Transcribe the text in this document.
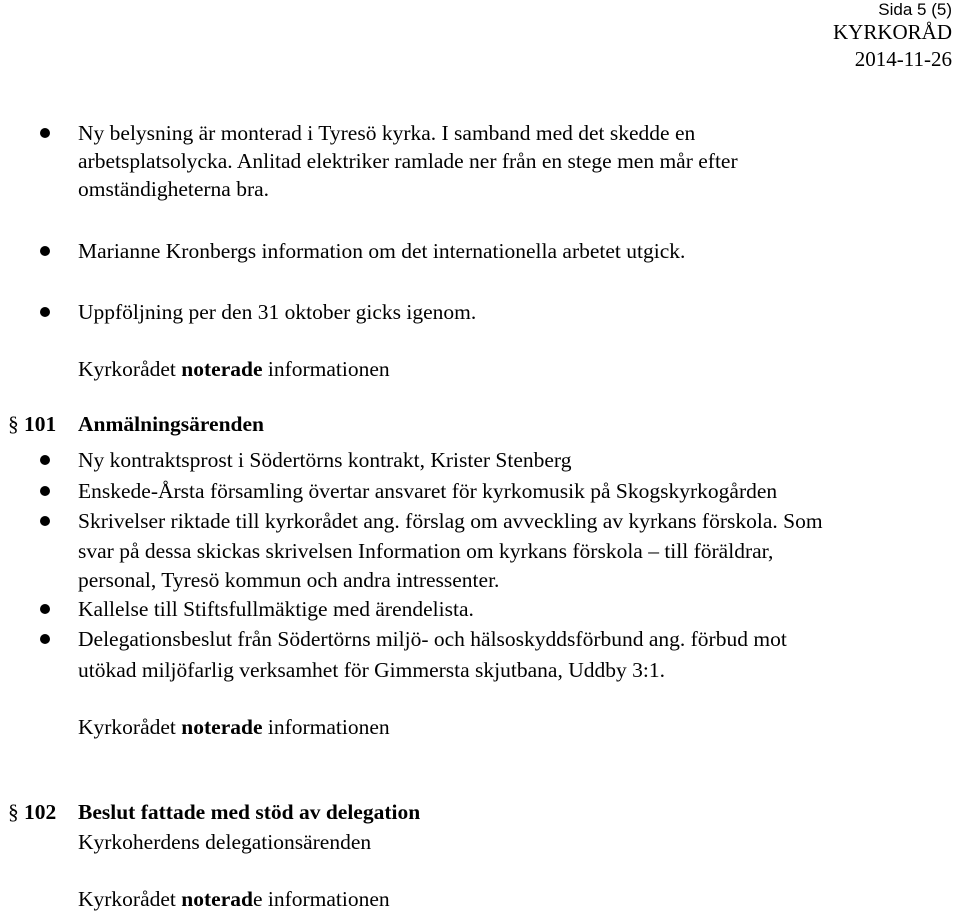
Sida 5 (5)
KYRKORÅD
2014-11-26
Ny belysning är monterad i Tyresö kyrka. I samband med det skedde en
arbetsplatsolycka. Anlitad elektriker ramlade ner från en stege men mår efter
omständigheterna bra.
Marianne Kronbergs information om det internationella arbetet utgick.
Uppföljning per den 31 oktober gicks igenom.
Kyrkorådet noterade informationen
§ 101 Anmälningsärenden
Ny kontraktsprost i Södertörns kontrakt, Krister Stenberg
Enskede-Årsta församling övertar ansvaret för kyrkomusik på Skogskyrkogården
Skrivelser riktade till kyrkorådet ang. förslag om avveckling av kyrkans förskola. Som
svar på dessa skickas skrivelsen Information om kyrkans förskola – till föräldrar,
personal, Tyresö kommun och andra intressenter.
Kallelse till Stiftsfullmäktige med ärendelista.
Delegationsbeslut från Södertörns miljö- och hälsoskyddsförbund ang. förbud mot
utökad miljöfarlig verksamhet för Gimmersta skjutbana, Uddby 3:1.
Kyrkorådet noterade informationen
§ 102 Beslut fattade med stöd av delegation
Kyrkoherdens delegationsärenden
Kyrkorådet noterade informationen
